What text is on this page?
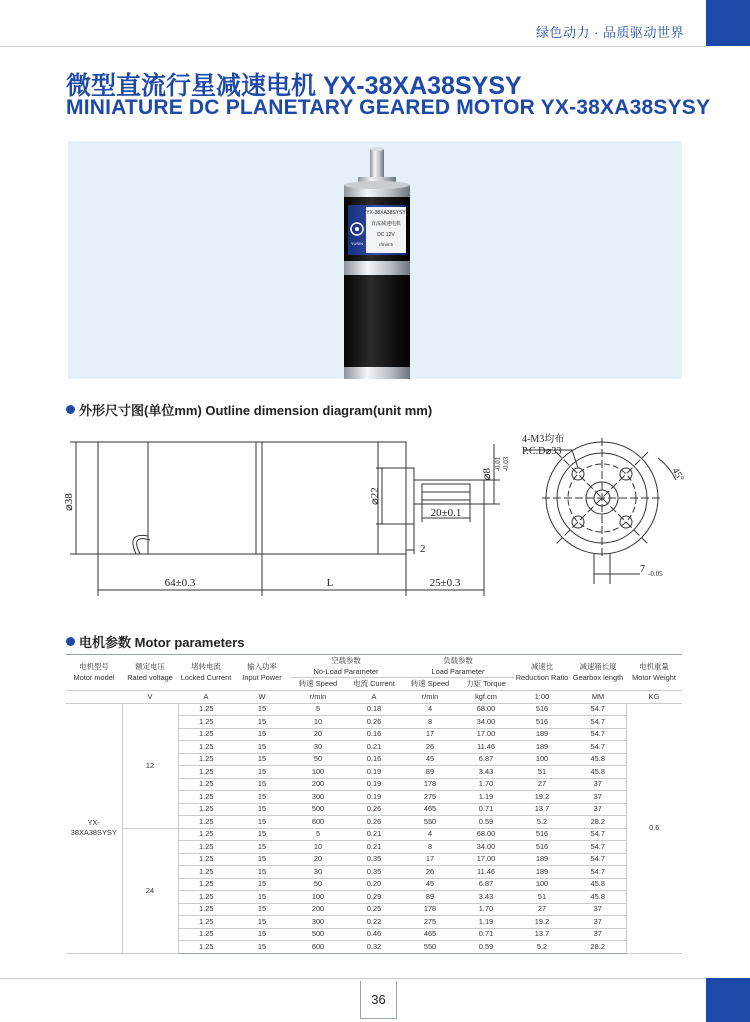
绿色动力 · 品质驱动世界
微型直流行星减速电机 YX-38XA38SYSY
MINIATURE DC PLANETARY GEARED MOTOR YX-38XA38SYSY
YX-38XA38SYSY
直流减速电机
DC 12V
r/min:5
YUSIN
外形尺寸图(单位mm) Outline dimension diagram(unit mm)
⌀38	⌀22
⌀8
-0.01 -0.03
64±0.3	L	25±0.3
20±0.1
2
4-M3均布
P.C.D⌀33
45°
7 -0.05
电机参数 Motor parameters
电机型号
Motor model	额定电压
Rated voltage	堵转电流
Locked Current	输入功率
Input Power	空载参数
No-Load Parameter		负载参数
Load Parameter		减速比
Reduction Ratio	减速箱长度
Gearbox length	电机重量
Motor Weight
				转速 Speed	电流 Current	转速 Speed	力矩 Torque			
	V	A	W	r/min	A	r/min	kgf.cm	1:00	MM	KG
YX-38XA38SYSY	12	1.25	15	5	0.18	4	68.00	516	54.7	0.6
		1.25	15	10	0.26	8	34.00	516	54.7	
		1.25	15	20	0.16	17	17.00	189	54.7	
		1.25	15	30	0.21	26	11.46	189	54.7	
		1.25	15	50	0.16	45	6.87	100	45.8	
		1.25	15	100	0.19	89	3.43	51	45.8	
		1.25	15	200	0.19	178	1.70	27	37	
		1.25	15	300	0.19	275	1.19	19.2	37	
		1.25	15	500	0.26	465	0.71	13.7	37	
		1.25	15	600	0.26	550	0.59	5.2	28.2	
	24	1.25	15	5	0.21	4	68.00	516	54.7	
		1.25	15	10	0.21	8	34.00	516	54.7	
		1.25	15	20	0.35	17	17.00	189	54.7	
		1.25	15	30	0.35	26	11.46	189	54.7	
		1.25	15	50	0.20	45	6.87	100	45.8	
		1.25	15	100	0.29	89	3.43	51	45.8	
		1.25	15	200	0.25	178	1.70	27	37	
		1.25	15	300	0.22	275	1.19	19.2	37	
		1.25	15	500	0.46	465	0.71	13.7	37	
		1.25	15	600	0.32	550	0.59	5.2	28.2	
36
